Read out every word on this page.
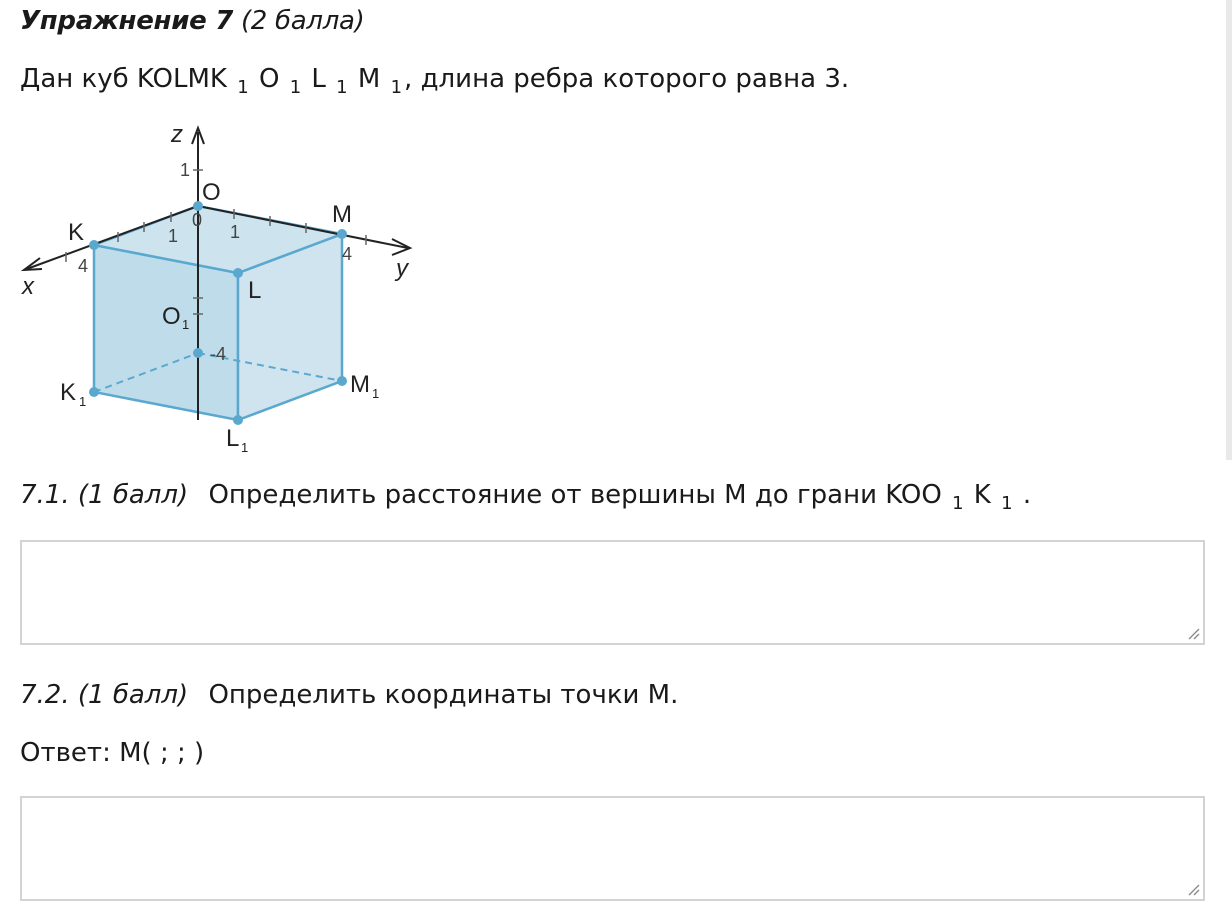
Упражнение 7 (2 балла)
Дан куб KOLMK $_1$ O $_1$ L $_1$ M $_1$, длина ребра которого равна 3.
z
x
y
O
K
M
L
O
K	M
L
1
1
1
1
1
1	1
0
4
4
-4
7.1. (1 балл) Определить расстояние от вершины M до грани KOO $_1$ K $_1$ .
7.2. (1 балл) Определить координаты точки M.
Ответ: M( ; ; )
